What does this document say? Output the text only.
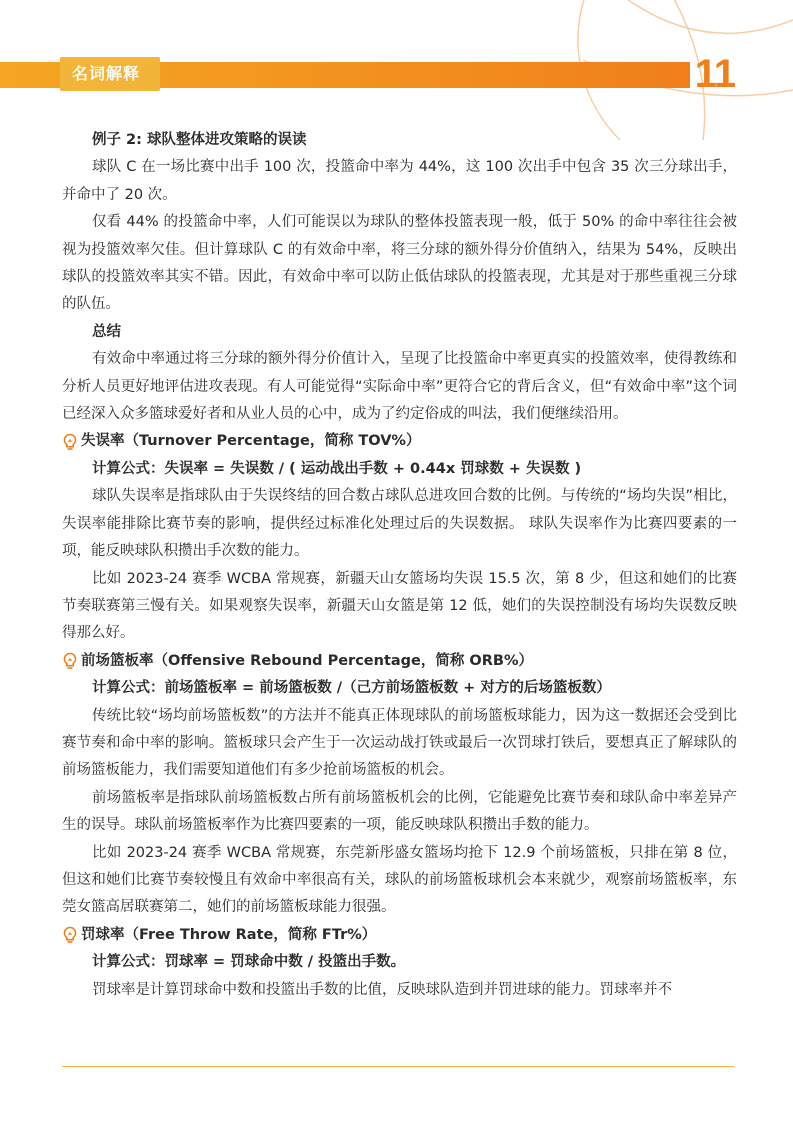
名词解释	11

例子 2: 球队整体进攻策略的误读

球队 C 在一场比赛中出手 100 次，投篮命中率为 44%，这 100 次出手中包含 35 次三分球出手，并命中了 20 次。

仅看 44% 的投篮命中率，人们可能误以为球队的整体投篮表现一般，低于 50% 的命中率往往会被视为投篮效率欠佳。但计算球队 C 的有效命中率，将三分球的额外得分价值纳入，结果为 54%，反映出球队的投篮效率其实不错。因此，有效命中率可以防止低估球队的投篮表现，尤其是对于那些重视三分球的队伍。

总结

有效命中率通过将三分球的额外得分价值计入，呈现了比投篮命中率更真实的投篮效率，使得教练和分析人员更好地评估进攻表现。有人可能觉得“实际命中率”更符合它的背后含义，但“有效命中率”这个词已经深入众多篮球爱好者和从业人员的心中，成为了约定俗成的叫法，我们便继续沿用。

失误率（Turnover Percentage，简称 TOV%）

计算公式：失误率 = 失误数 / ( 运动战出手数 + 0.44x 罚球数 + 失误数 )

球队失误率是指球队由于失误终结的回合数占球队总进攻回合数的比例。与传统的“场均失误”相比，失误率能排除比赛节奏的影响，提供经过标准化处理过后的失误数据。 球队失误率作为比赛四要素的一项，能反映球队积攒出手次数的能力。

比如 2023-24 赛季 WCBA 常规赛，新疆天山女篮场均失误 15.5 次，第 8 少，但这和她们的比赛节奏联赛第三慢有关。如果观察失误率，新疆天山女篮是第 12 低，她们的失误控制没有场均失误数反映得那么好。

前场篮板率（Offensive Rebound Percentage，简称 ORB%）

计算公式：前场篮板率 = 前场篮板数 /（己方前场篮板数 + 对方的后场篮板数）

传统比较“场均前场篮板数”的方法并不能真正体现球队的前场篮板球能力，因为这一数据还会受到比赛节奏和命中率的影响。篮板球只会产生于一次运动战打铁或最后一次罚球打铁后，要想真正了解球队的前场篮板能力，我们需要知道他们有多少抢前场篮板的机会。

前场篮板率是指球队前场篮板数占所有前场篮板机会的比例，它能避免比赛节奏和球队命中率差异产生的误导。球队前场篮板率作为比赛四要素的一项，能反映球队积攒出手数的能力。

比如 2023-24 赛季 WCBA 常规赛，东莞新彤盛女篮场均抢下 12.9 个前场篮板，只排在第 8 位，但这和她们比赛节奏较慢且有效命中率很高有关，球队的前场篮板球机会本来就少，观察前场篮板率，东莞女篮高居联赛第二，她们的前场篮板球能力很强。

罚球率（Free Throw Rate，简称 FTr%）

计算公式：罚球率 = 罚球命中数 / 投篮出手数。

罚球率是计算罚球命中数和投篮出手数的比值，反映球队造到并罚进球的能力。罚球率并不
